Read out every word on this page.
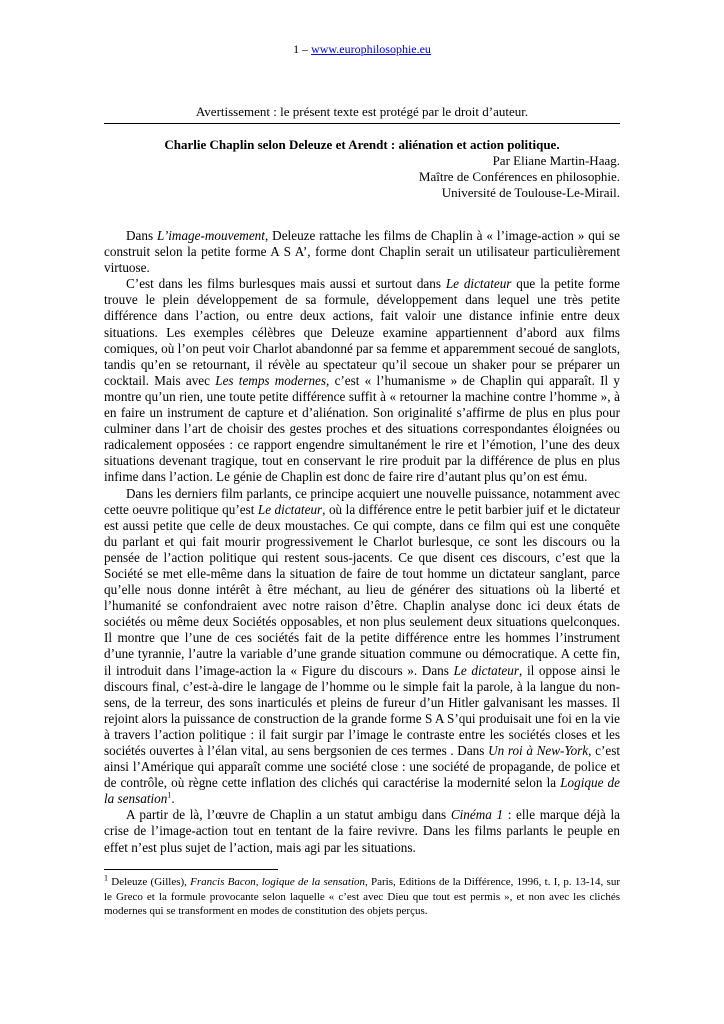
1 – www.europhilosophie.eu
Avertissement : le présent texte est protégé par le droit d’auteur.
Charlie Chaplin selon Deleuze et Arendt : aliénation et action politique.
Par Eliane Martin-Haag.
Maître de Conférences en philosophie.
Université de Toulouse-Le-Mirail.

Dans L’image-mouvement, Deleuze rattache les films de Chaplin à « l’image-action » qui se construit selon la petite forme A S A’, forme dont Chaplin serait un utilisateur particulièrement virtuose.

C’est dans les films burlesques mais aussi et surtout dans Le dictateur que la petite forme trouve le plein développement de sa formule, développement dans lequel une très petite différence dans l’action, ou entre deux actions, fait valoir une distance infinie entre deux situations. Les exemples célèbres que Deleuze examine appartiennent d’abord aux films comiques, où l’on peut voir Charlot abandonné par sa femme et apparemment secoué de sanglots, tandis qu’en se retournant, il révèle au spectateur qu’il secoue un shaker pour se préparer un cocktail. Mais avec Les temps modernes, c’est « l’humanisme » de Chaplin qui apparaît. Il y montre qu’un rien, une toute petite différence suffit à « retourner la machine contre l’homme », à en faire un instrument de capture et d’aliénation. Son originalité s’affirme de plus en plus pour culminer dans l’art de choisir des gestes proches et des situations correspondantes éloignées ou radicalement opposées : ce rapport engendre simultanément le rire et l’émotion, l’une des deux situations devenant tragique, tout en conservant le rire produit par la différence de plus en plus infime dans l’action. Le génie de Chaplin est donc de faire rire d’autant plus qu’on est ému.

Dans les derniers film parlants, ce principe acquiert une nouvelle puissance, notamment avec cette oeuvre politique qu’est Le dictateur, où la différence entre le petit barbier juif et le dictateur est aussi petite que celle de deux moustaches. Ce qui compte, dans ce film qui est une conquête du parlant et qui fait mourir progressivement le Charlot burlesque, ce sont les discours ou la pensée de l’action politique qui restent sous-jacents. Ce que disent ces discours, c’est que la Société se met elle-même dans la situation de faire de tout homme un dictateur sanglant, parce qu’elle nous donne intérêt à être méchant, au lieu de générer des situations où la liberté et l’humanité se confondraient avec notre raison d’être. Chaplin analyse donc ici deux états de sociétés ou même deux Sociétés opposables, et non plus seulement deux situations quelconques. Il montre que l’une de ces sociétés fait de la petite différence entre les hommes l’instrument d’une tyrannie, l’autre la variable d’une grande situation commune ou démocratique. A cette fin, il introduit dans l’image-action la « Figure du discours ». Dans Le dictateur, il oppose ainsi le discours final, c’est-à-dire le langage de l’homme ou le simple fait la parole, à la langue du non-sens, de la terreur, des sons inarticulés et pleins de fureur d’un Hitler galvanisant les masses. Il rejoint alors la puissance de construction de la grande forme S A S’qui produisait une foi en la vie à travers l’action politique : il fait surgir par l’image le contraste entre les sociétés closes et les sociétés ouvertes à l’élan vital, au sens bergsonien de ces termes . Dans Un roi à New-York, c’est ainsi l’Amérique qui apparaît comme une société close : une société de propagande, de police et de contrôle, où règne cette inflation des clichés qui caractérise la modernité selon la Logique de la sensation$^1$.

A partir de là, l’œuvre de Chaplin a un statut ambigu dans Cinéma 1 : elle marque déjà la crise de l’image-action tout en tentant de la faire revivre. Dans les films parlants le peuple en effet n’est plus sujet de l’action, mais agi par les situations.

$^1$ Deleuze (Gilles), Francis Bacon, logique de la sensation, Paris, Editions de la Différence, 1996, t. I, p. 13-14, sur le Greco et la formule provocante selon laquelle « c’est avec Dieu que tout est permis », et non avec les clichés modernes qui se transforment en modes de constitution des objets perçus.
